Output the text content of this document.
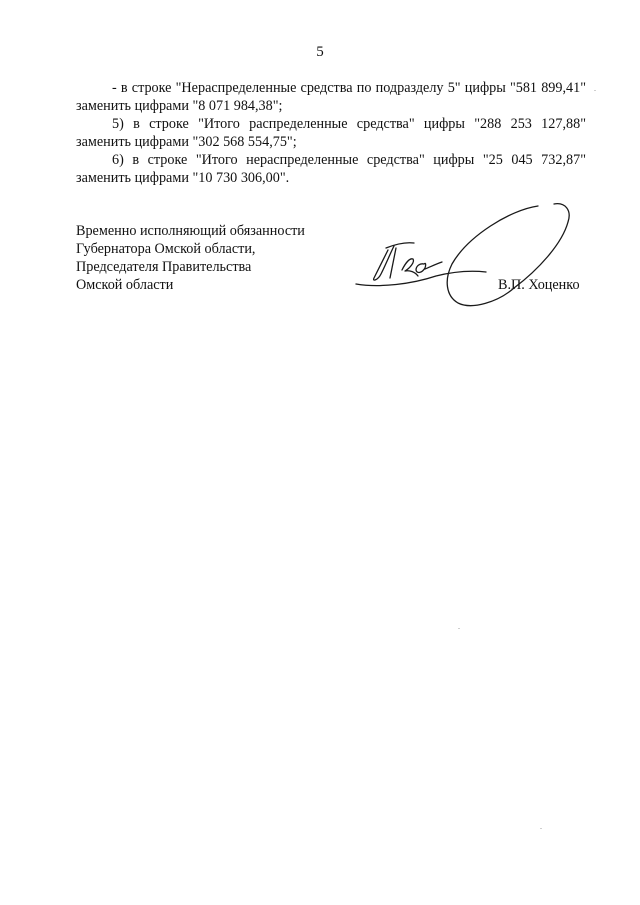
5

- в строке "Нераспределенные средства по подразделу 5" цифры "581 899,41" заменить цифрами "8 071 984,38";

5) в строке "Итого распределенные средства" цифры "288 253 127,88" заменить цифрами "302 568 554,75";

6) в строке "Итого нераспределенные средства" цифры "25 045 732,87" заменить цифрами "10 730 306,00".

Временно исполняющий обязанности
Губернатора Омской области,
Председателя Правительства
Омской области	В.П. Хоценко
